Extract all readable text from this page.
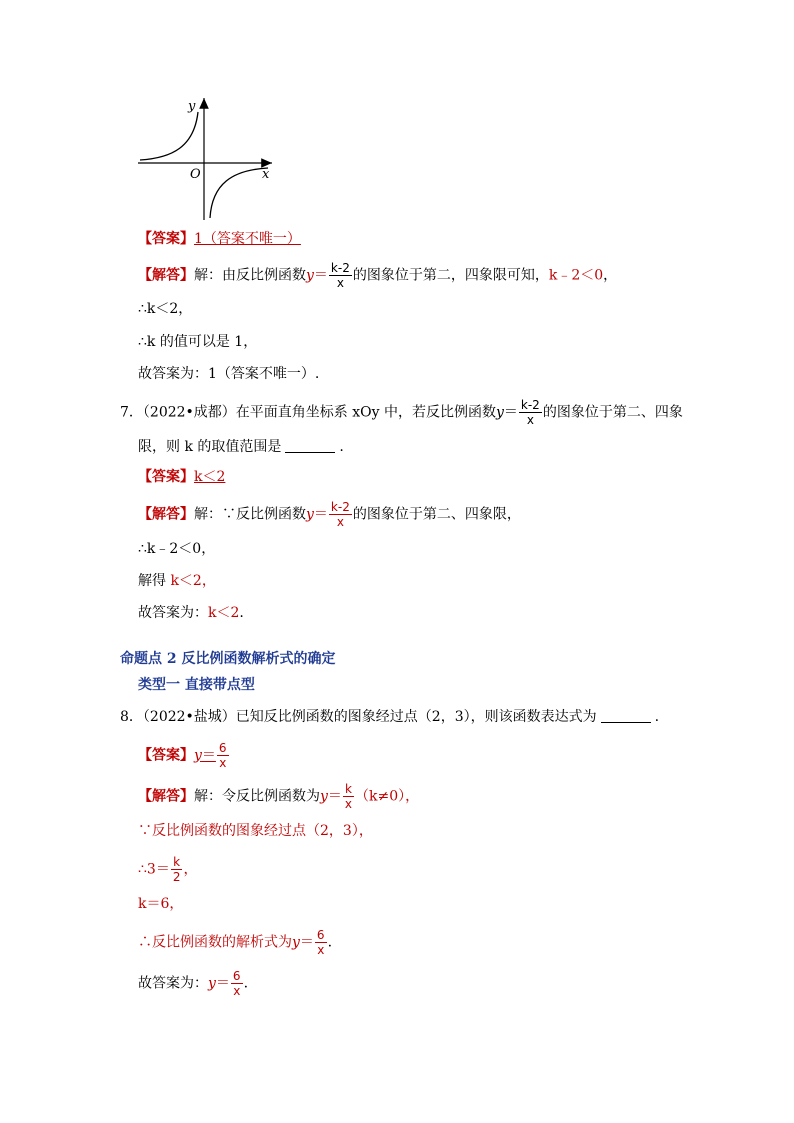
y
x
O
【答案】1（答案不唯一）
【解答】解：由反比例函数$y= \frac{k-2}{x}$ 的图象位于第二，四象限可知，k﹣2＜0，
∴k＜2，
∴k 的值可以是 1，
故答案为：1（答案不唯一）.
7．（2022•成都）在平面直角坐标系 xOy 中，若反比例函数$y= \frac{k-2}{x}$ 的图象位于第二、四象
限，则 k 的取值范围是	.
【答案】k＜2
【解答】解：∵反比例函数$y= \frac{k-2}{x}$ 的图象位于第二、四象限，
∴k﹣2＜0，
解得 k＜2，
故答案为：k＜2.
命题点 2 反比例函数解析式的确定
类型一 直接带点型
8．（2022•盐城）已知反比例函数的图象经过点（2，3），则该函数表达式为	.
【答案】$y= \frac{6}{x}$
【解答】解：令反比例函数为$y= \frac{k}{x} (k\ne 0)$，
∵反比例函数的图象经过点（2，3），
∴3＝ $\frac{k}{2}$ ，
k＝6，
∴反比例函数的解析式为$y= \frac{6}{x}$ .
故答案为：$y= \frac{6}{x}$ .
